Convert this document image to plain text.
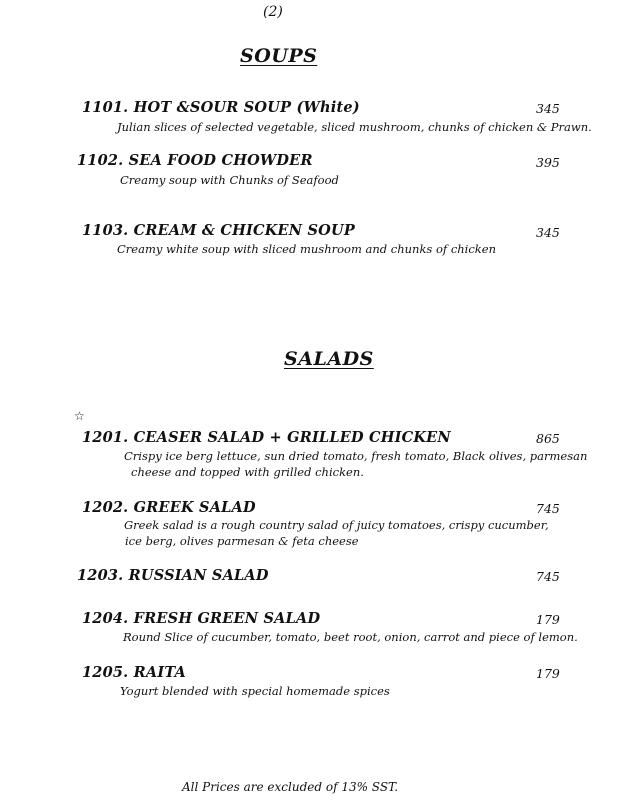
(2)
SOUPS
1101. HOT &SOUR SOUP (White)	345
Julian slices of selected vegetable, sliced mushroom, chunks of chicken & Prawn.
1102. SEA FOOD CHOWDER	395
Creamy soup with Chunks of Seafood
1103. CREAM & CHICKEN SOUP	345
Creamy white soup with sliced mushroom and chunks of chicken
SALADS
☆
1201. CEASER SALAD + GRILLED CHICKEN	865
Crispy ice berg lettuce, sun dried tomato, fresh tomato, Black olives, parmesan
cheese and topped with grilled chicken.
1202. GREEK SALAD	745
Greek salad is a rough country salad of juicy tomatoes, crispy cucumber,
ice berg, olives parmesan & feta cheese
1203. RUSSIAN SALAD	745
1204. FRESH GREEN SALAD	179
Round Slice of cucumber, tomato, beet root, onion, carrot and piece of lemon.
1205. RAITA	179
Yogurt blended with special homemade spices
All Prices are excluded of 13% SST.
